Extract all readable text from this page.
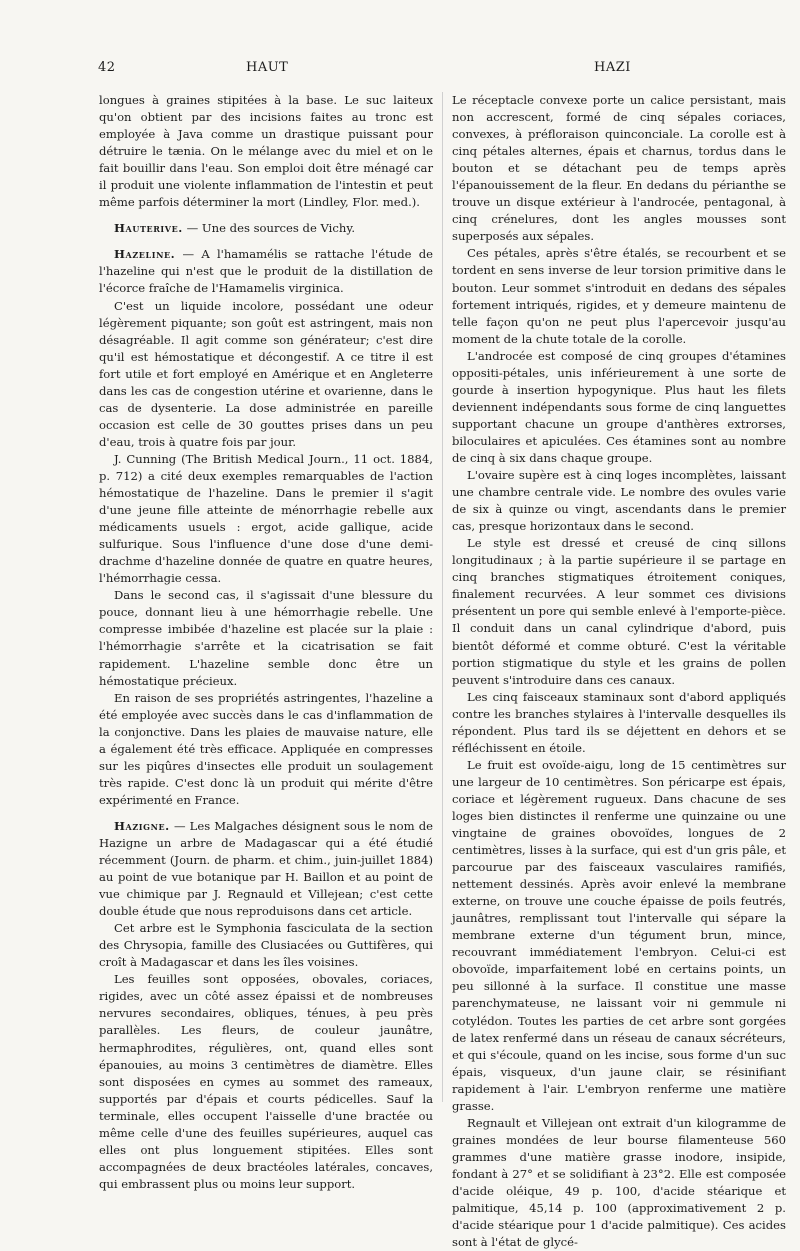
42	HAUT	HAZI

longues à graines stipitées à la base. Le suc laiteux qu'on obtient par des incisions faites au tronc est employée à Java comme un drastique puissant pour détruire le tænia. On le mélange avec du miel et on le fait bouillir dans l'eau. Son emploi doit être ménagé car il produit une violente inflammation de l'intestin et peut même parfois déterminer la mort (Lindley, Flor. med.).

Hauterive. — Une des sources de Vichy.

Hazeline. — A l'hamamélis se rattache l'étude de l'hazeline qui n'est que le produit de la distillation de l'écorce fraîche de l'Hamamelis virginica.

C'est un liquide incolore, possédant une odeur légèrement piquante; son goût est astringent, mais non désagréable. Il agit comme son générateur; c'est dire qu'il est hémostatique et décongestif. A ce titre il est fort utile et fort employé en Amérique et en Angleterre dans les cas de congestion utérine et ovarienne, dans le cas de dysenterie. La dose administrée en pareille occasion est celle de 30 gouttes prises dans un peu d'eau, trois à quatre fois par jour.

J. Cunning (The British Medical Journ., 11 oct. 1884, p. 712) a cité deux exemples remarquables de l'action hémostatique de l'hazeline. Dans le premier il s'agit d'une jeune fille atteinte de ménorrhagie rebelle aux médicaments usuels : ergot, acide gallique, acide sulfurique. Sous l'influence d'une dose d'une demi-drachme d'hazeline donnée de quatre en quatre heures, l'hémorrhagie cessa.

Dans le second cas, il s'agissait d'une blessure du pouce, donnant lieu à une hémorrhagie rebelle. Une compresse imbibée d'hazeline est placée sur la plaie : l'hémorrhagie s'arrête et la cicatrisation se fait rapidement. L'hazeline semble donc être un hémostatique précieux.

En raison de ses propriétés astringentes, l'hazeline a été employée avec succès dans le cas d'inflammation de la conjonctive. Dans les plaies de mauvaise nature, elle a également été très efficace. Appliquée en compresses sur les piqûres d'insectes elle produit un soulagement très rapide. C'est donc là un produit qui mérite d'être expérimenté en France.

Hazigne. — Les Malgaches désignent sous le nom de Hazigne un arbre de Madagascar qui a été étudié récemment (Journ. de pharm. et chim., juin-juillet 1884) au point de vue botanique par H. Baillon et au point de vue chimique par J. Regnauld et Villejean; c'est cette double étude que nous reproduisons dans cet article.

Cet arbre est le Symphonia fasciculata de la section des Chrysopia, famille des Clusiacées ou Guttifères, qui croît à Madagascar et dans les îles voisines.

Les feuilles sont opposées, obovales, coriaces, rigides, avec un côté assez épaissi et de nombreuses nervures secondaires, obliques, ténues, à peu près parallèles. Les fleurs, de couleur jaunâtre, hermaphrodites, régulières, ont, quand elles sont épanouies, au moins 3 centimètres de diamètre. Elles sont disposées en cymes au sommet des rameaux, supportés par d'épais et courts pédicelles. Sauf la terminale, elles occupent l'aisselle d'une bractée ou même celle d'une des feuilles supérieures, auquel cas elles ont plus longuement stipitées. Elles sont accompagnées de deux bractéoles latérales, concaves, qui embrassent plus ou moins leur support.

Le réceptacle convexe porte un calice persistant, mais non accrescent, formé de cinq sépales coriaces, convexes, à préfloraison quinconciale. La corolle est à cinq pétales alternes, épais et charnus, tordus dans le bouton et se détachant peu de temps après l'épanouissement de la fleur. En dedans du périanthe se trouve un disque extérieur à l'androcée, pentagonal, à cinq crénelures, dont les angles mousses sont superposés aux sépales.

Ces pétales, après s'être étalés, se recourbent et se tordent en sens inverse de leur torsion primitive dans le bouton. Leur sommet s'introduit en dedans des sépales fortement intriqués, rigides, et y demeure maintenu de telle façon qu'on ne peut plus l'apercevoir jusqu'au moment de la chute totale de la corolle.

L'androcée est composé de cinq groupes d'étamines oppositi-pétales, unis inférieurement à une sorte de gourde à insertion hypogynique. Plus haut les filets deviennent indépendants sous forme de cinq languettes supportant chacune un groupe d'anthères extrorses, biloculaires et apiculées. Ces étamines sont au nombre de cinq à six dans chaque groupe.

L'ovaire supère est à cinq loges incomplètes, laissant une chambre centrale vide. Le nombre des ovules varie de six à quinze ou vingt, ascendants dans le premier cas, presque horizontaux dans le second.

Le style est dressé et creusé de cinq sillons longitudinaux ; à la partie supérieure il se partage en cinq branches stigmatiques étroitement coniques, finalement recurvées. A leur sommet ces divisions présentent un pore qui semble enlevé à l'emporte-pièce. Il conduit dans un canal cylindrique d'abord, puis bientôt déformé et comme obturé. C'est la véritable portion stigmatique du style et les grains de pollen peuvent s'introduire dans ces canaux.

Les cinq faisceaux staminaux sont d'abord appliqués contre les branches stylaires à l'intervalle desquelles ils répondent. Plus tard ils se déjettent en dehors et se réfléchissent en étoile.

Le fruit est ovoïde-aigu, long de 15 centimètres sur une largeur de 10 centimètres. Son péricarpe est épais, coriace et légèrement rugueux. Dans chacune de ses loges bien distinctes il renferme une quinzaine ou une vingtaine de graines obovoïdes, longues de 2 centimètres, lisses à la surface, qui est d'un gris pâle, et parcourue par des faisceaux vasculaires ramifiés, nettement dessinés. Après avoir enlevé la membrane externe, on trouve une couche épaisse de poils feutrés, jaunâtres, remplissant tout l'intervalle qui sépare la membrane externe d'un tégument brun, mince, recouvrant immédiatement l'embryon. Celui-ci est obovoïde, imparfaitement lobé en certains points, un peu sillonné à la surface. Il constitue une masse parenchymateuse, ne laissant voir ni gemmule ni cotylédon. Toutes les parties de cet arbre sont gorgées de latex renfermé dans un réseau de canaux sécréteurs, et qui s'écoule, quand on les incise, sous forme d'un suc épais, visqueux, d'un jaune clair, se résinifiant rapidement à l'air. L'embryon renferme une matière grasse.

Regnault et Villejean ont extrait d'un kilogramme de graines mondées de leur bourse filamenteuse 560 grammes d'une matière grasse inodore, insipide, fondant à 27° et se solidifiant à 23°2. Elle est composée d'acide oléique, 49 p. 100, d'acide stéarique et palmitique, 45,14 p. 100 (approximativement 2 p. d'acide stéarique pour 1 d'acide palmitique). Ces acides sont à l'état de glycé-
